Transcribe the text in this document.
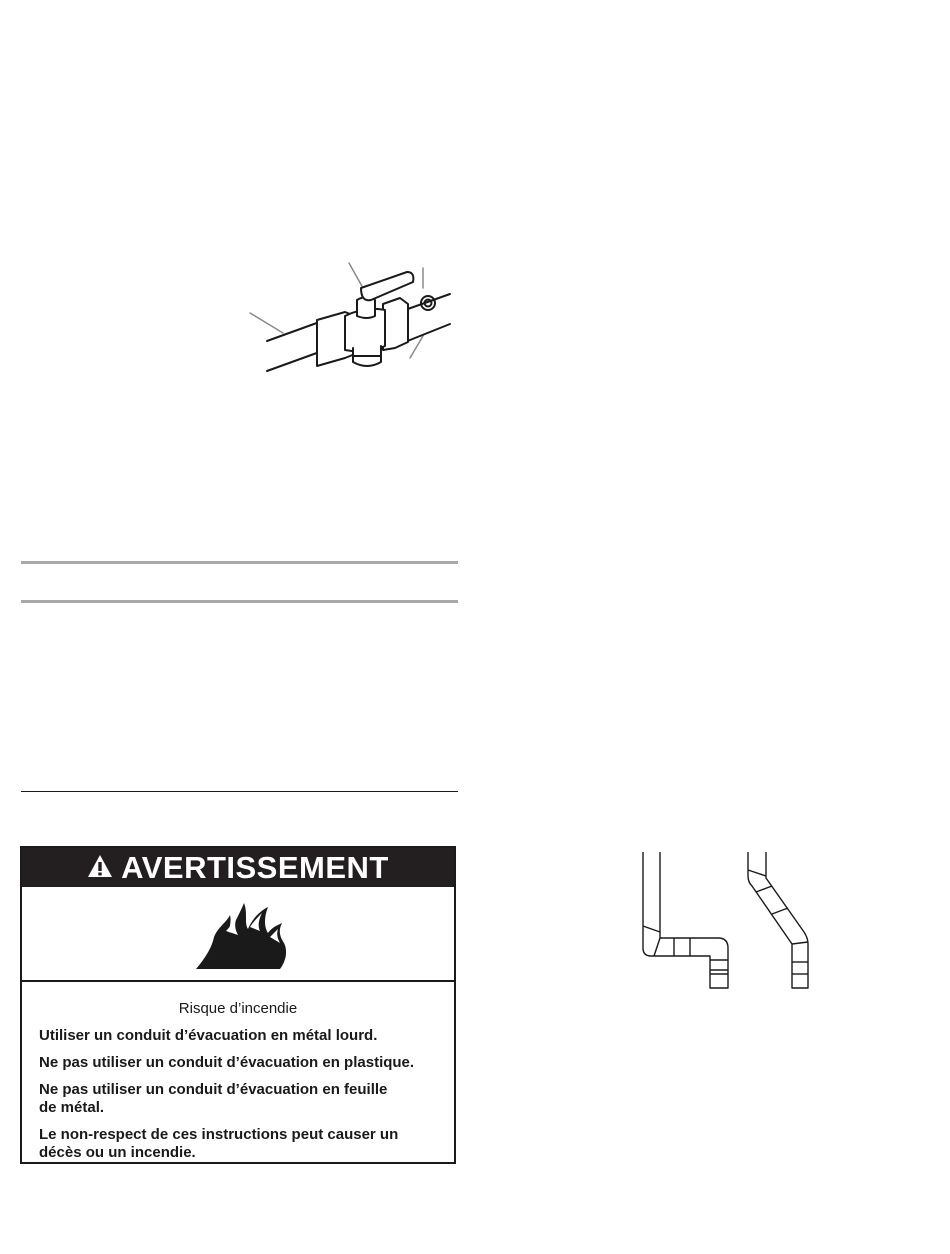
AVERTISSEMENT
Risque d’incendie
Utiliser un conduit d’évacuation en métal lourd.
Ne pas utiliser un conduit d’évacuation en plastique.
Ne pas utiliser un conduit d’évacuation en feuille de métal.
Le non-respect de ces instructions peut causer un décès ou un incendie.
